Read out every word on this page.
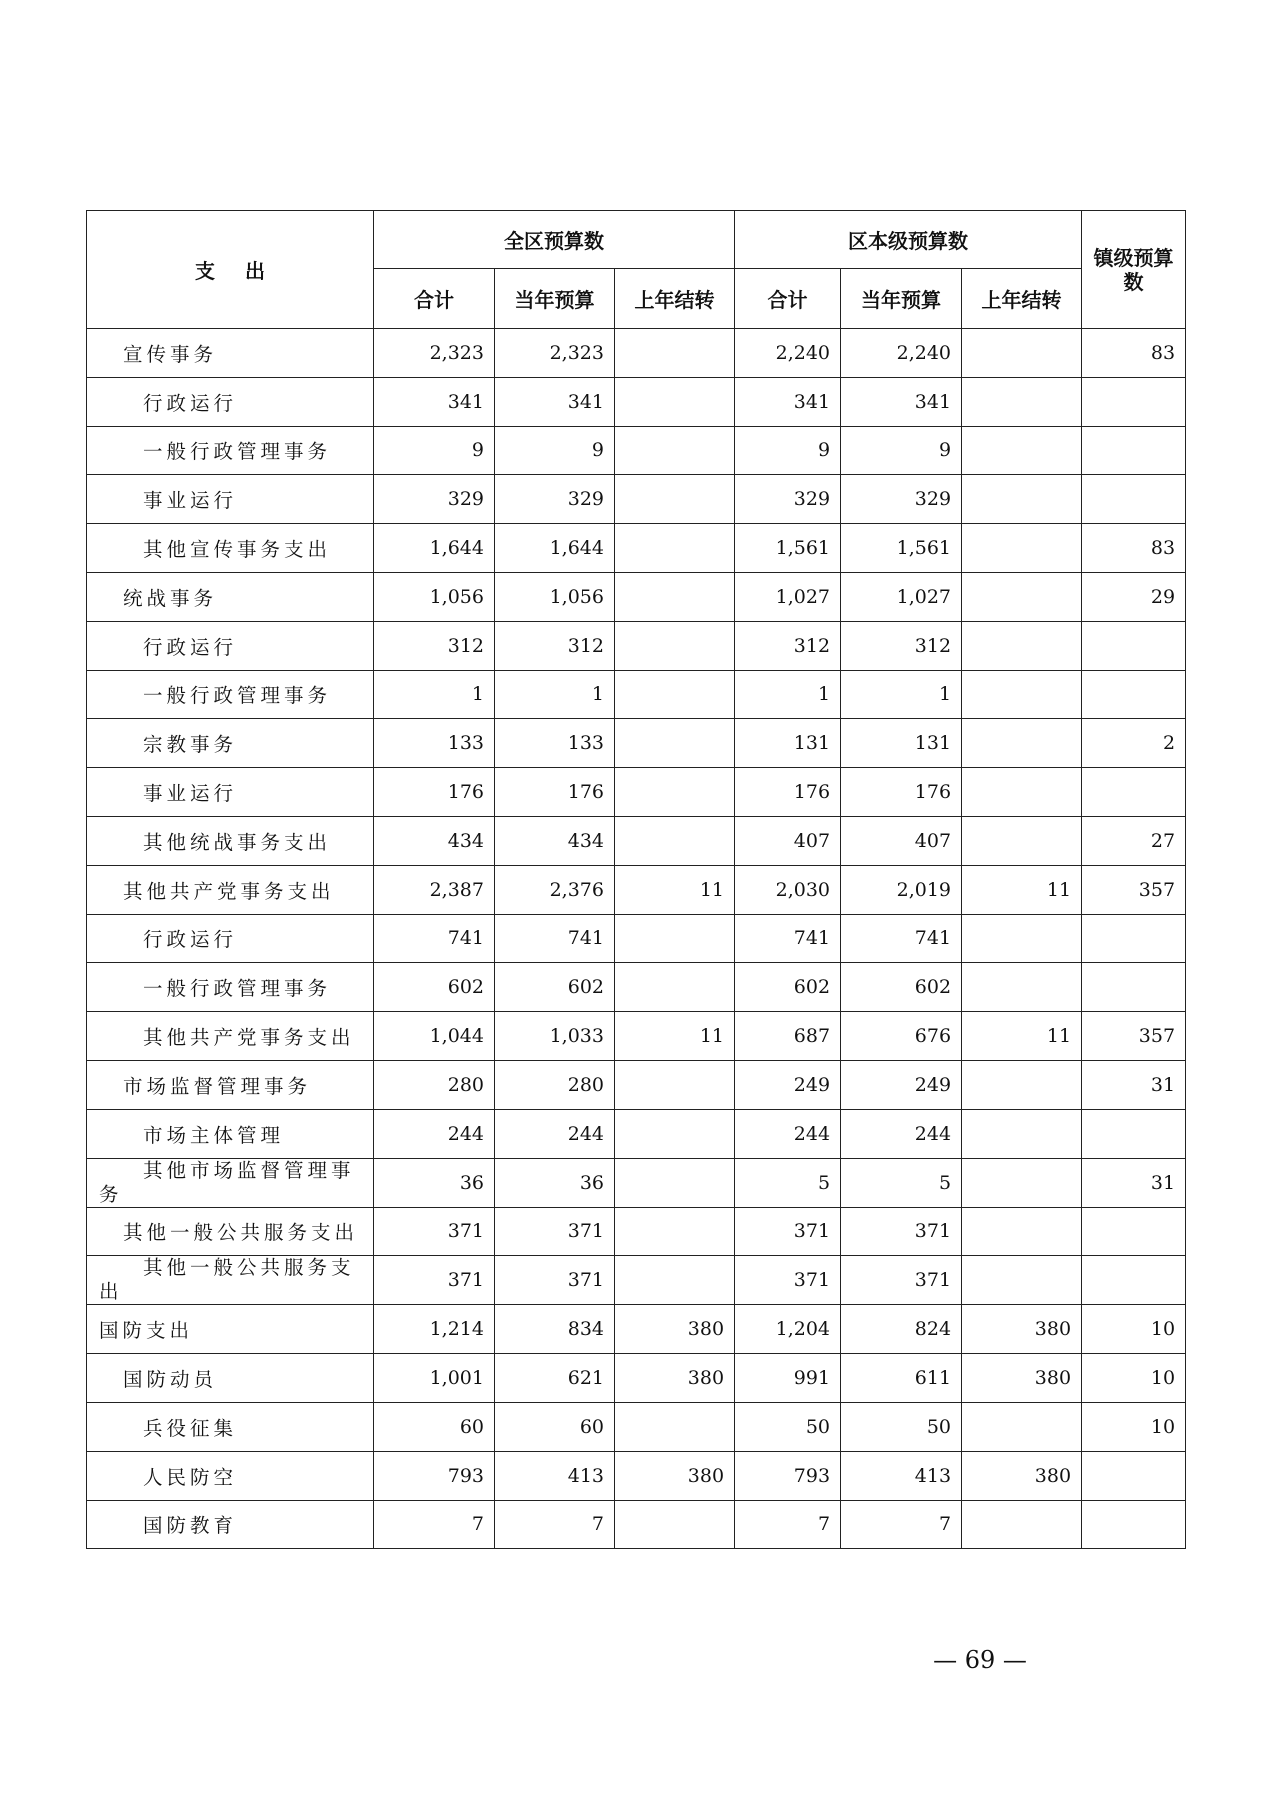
支出	全区预算数			区本级预算数			镇级预算数

	合计	当年预算	上年结转	合计	当年预算	上年结转	
宣传事务	2,323	2,323		2,240	2,240		83
行政运行	341	341		341	341		
一般行政管理事务	9	9		9	9		
事业运行	329	329		329	329		
其他宣传事务支出	1,644	1,644		1,561	1,561		83
统战事务	1,056	1,056		1,027	1,027		29
行政运行	312	312		312	312		
一般行政管理事务	1	1		1	1		
宗教事务	133	133		131	131		2
事业运行	176	176		176	176		
其他统战事务支出	434	434		407	407		27
其他共产党事务支出	2,387	2,376	11	2,030	2,019	11	357
行政运行	741	741		741	741		
一般行政管理事务	602	602		602	602		
其他共产党事务支出	1,044	1,033	11	687	676	11	357
市场监督管理事务	280	280		249	249		31
市场主体管理	244	244		244	244		

其他市场监督管理事务	36	36		5	5		31
其他一般公共服务支出	371	371		371	371		

其他一般公共服务支出	371	371		371	371		
国防支出	1,214	834	380	1,204	824	380	10
国防动员	1,001	621	380	991	611	380	10
兵役征集	60	60		50	50		10
人民防空	793	413	380	793	413	380	
国防教育	7	7		7	7		
— 69 —
